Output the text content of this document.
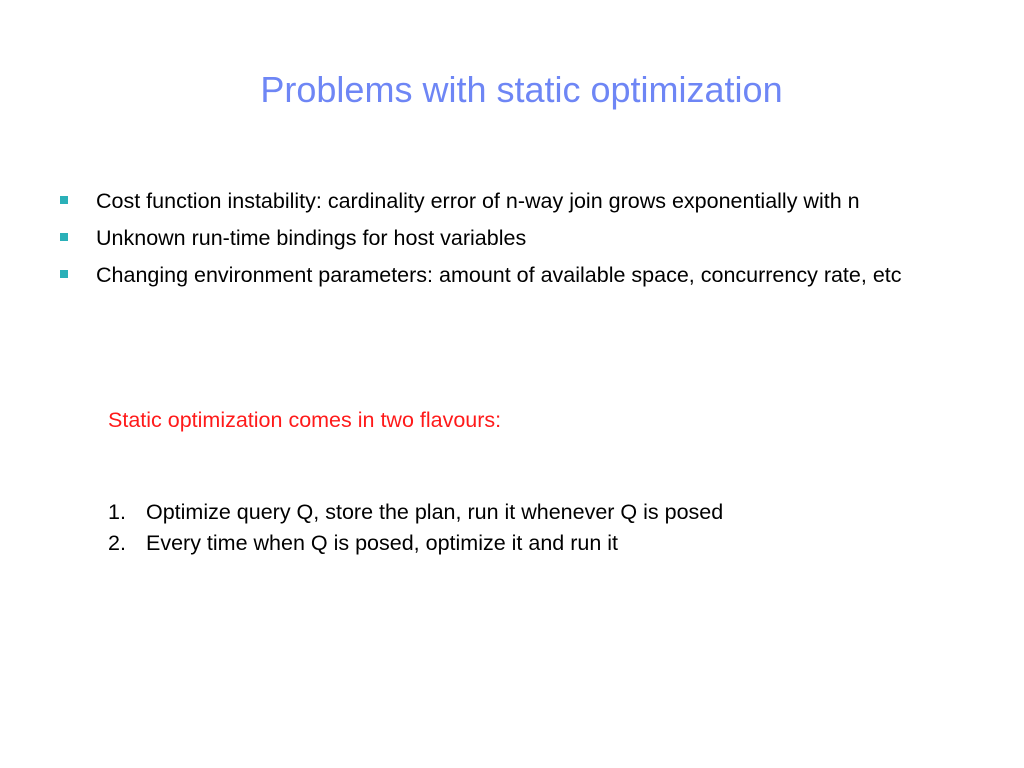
Problems with static optimization
Cost function instability: cardinality error of n-way join grows exponentially with n
Unknown run-time bindings for host variables
Changing environment parameters: amount of available space, concurrency rate, etc
Static optimization comes in two flavours:
1. Optimize query Q, store the plan, run it whenever Q is posed
2. Every time when Q is posed, optimize it and run it
